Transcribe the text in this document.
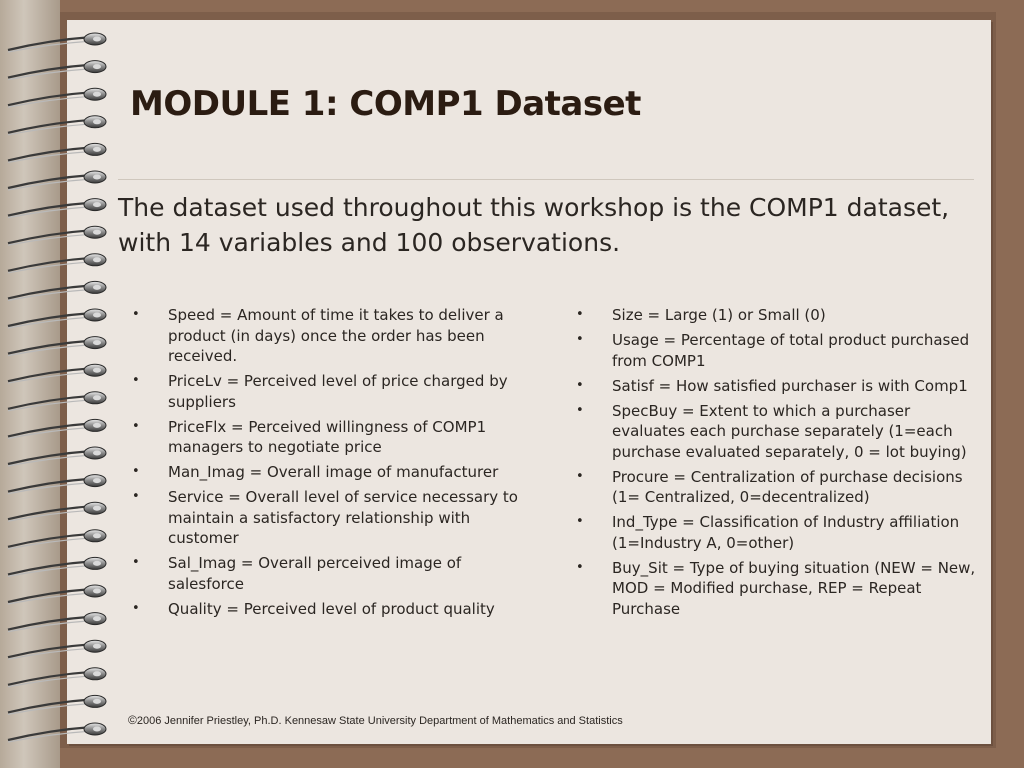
MODULE 1: COMP1 Dataset

The dataset used throughout this workshop is the COMP1 dataset, with 14 variables and 100 observations.

• Speed = Amount of time it takes to deliver a product (in days) once the order has been received.
• PriceLv = Perceived level of price charged by suppliers
• PriceFlx = Perceived willingness of COMP1 managers to negotiate price
• Man_Imag = Overall image of manufacturer
• Service = Overall level of service necessary to maintain a satisfactory relationship with customer
• Sal_Imag = Overall perceived image of salesforce
• Quality = Perceived level of product quality
• Size = Large (1) or Small (0)
• Usage = Percentage of total product purchased from COMP1
• Satisf = How satisfied purchaser is with Comp1
• SpecBuy = Extent to which a purchaser evaluates each purchase separately (1=each purchase evaluated separately, 0 = lot buying)
• Procure = Centralization of purchase decisions (1= Centralized, 0=decentralized)
• Ind_Type = Classification of Industry affiliation (1=Industry A, 0=other)
• Buy_Sit = Type of buying situation (NEW = New, MOD = Modified purchase, REP = Repeat Purchase
©2006 Jennifer Priestley, Ph.D. Kennesaw State University Department of Mathematics and Statistics
